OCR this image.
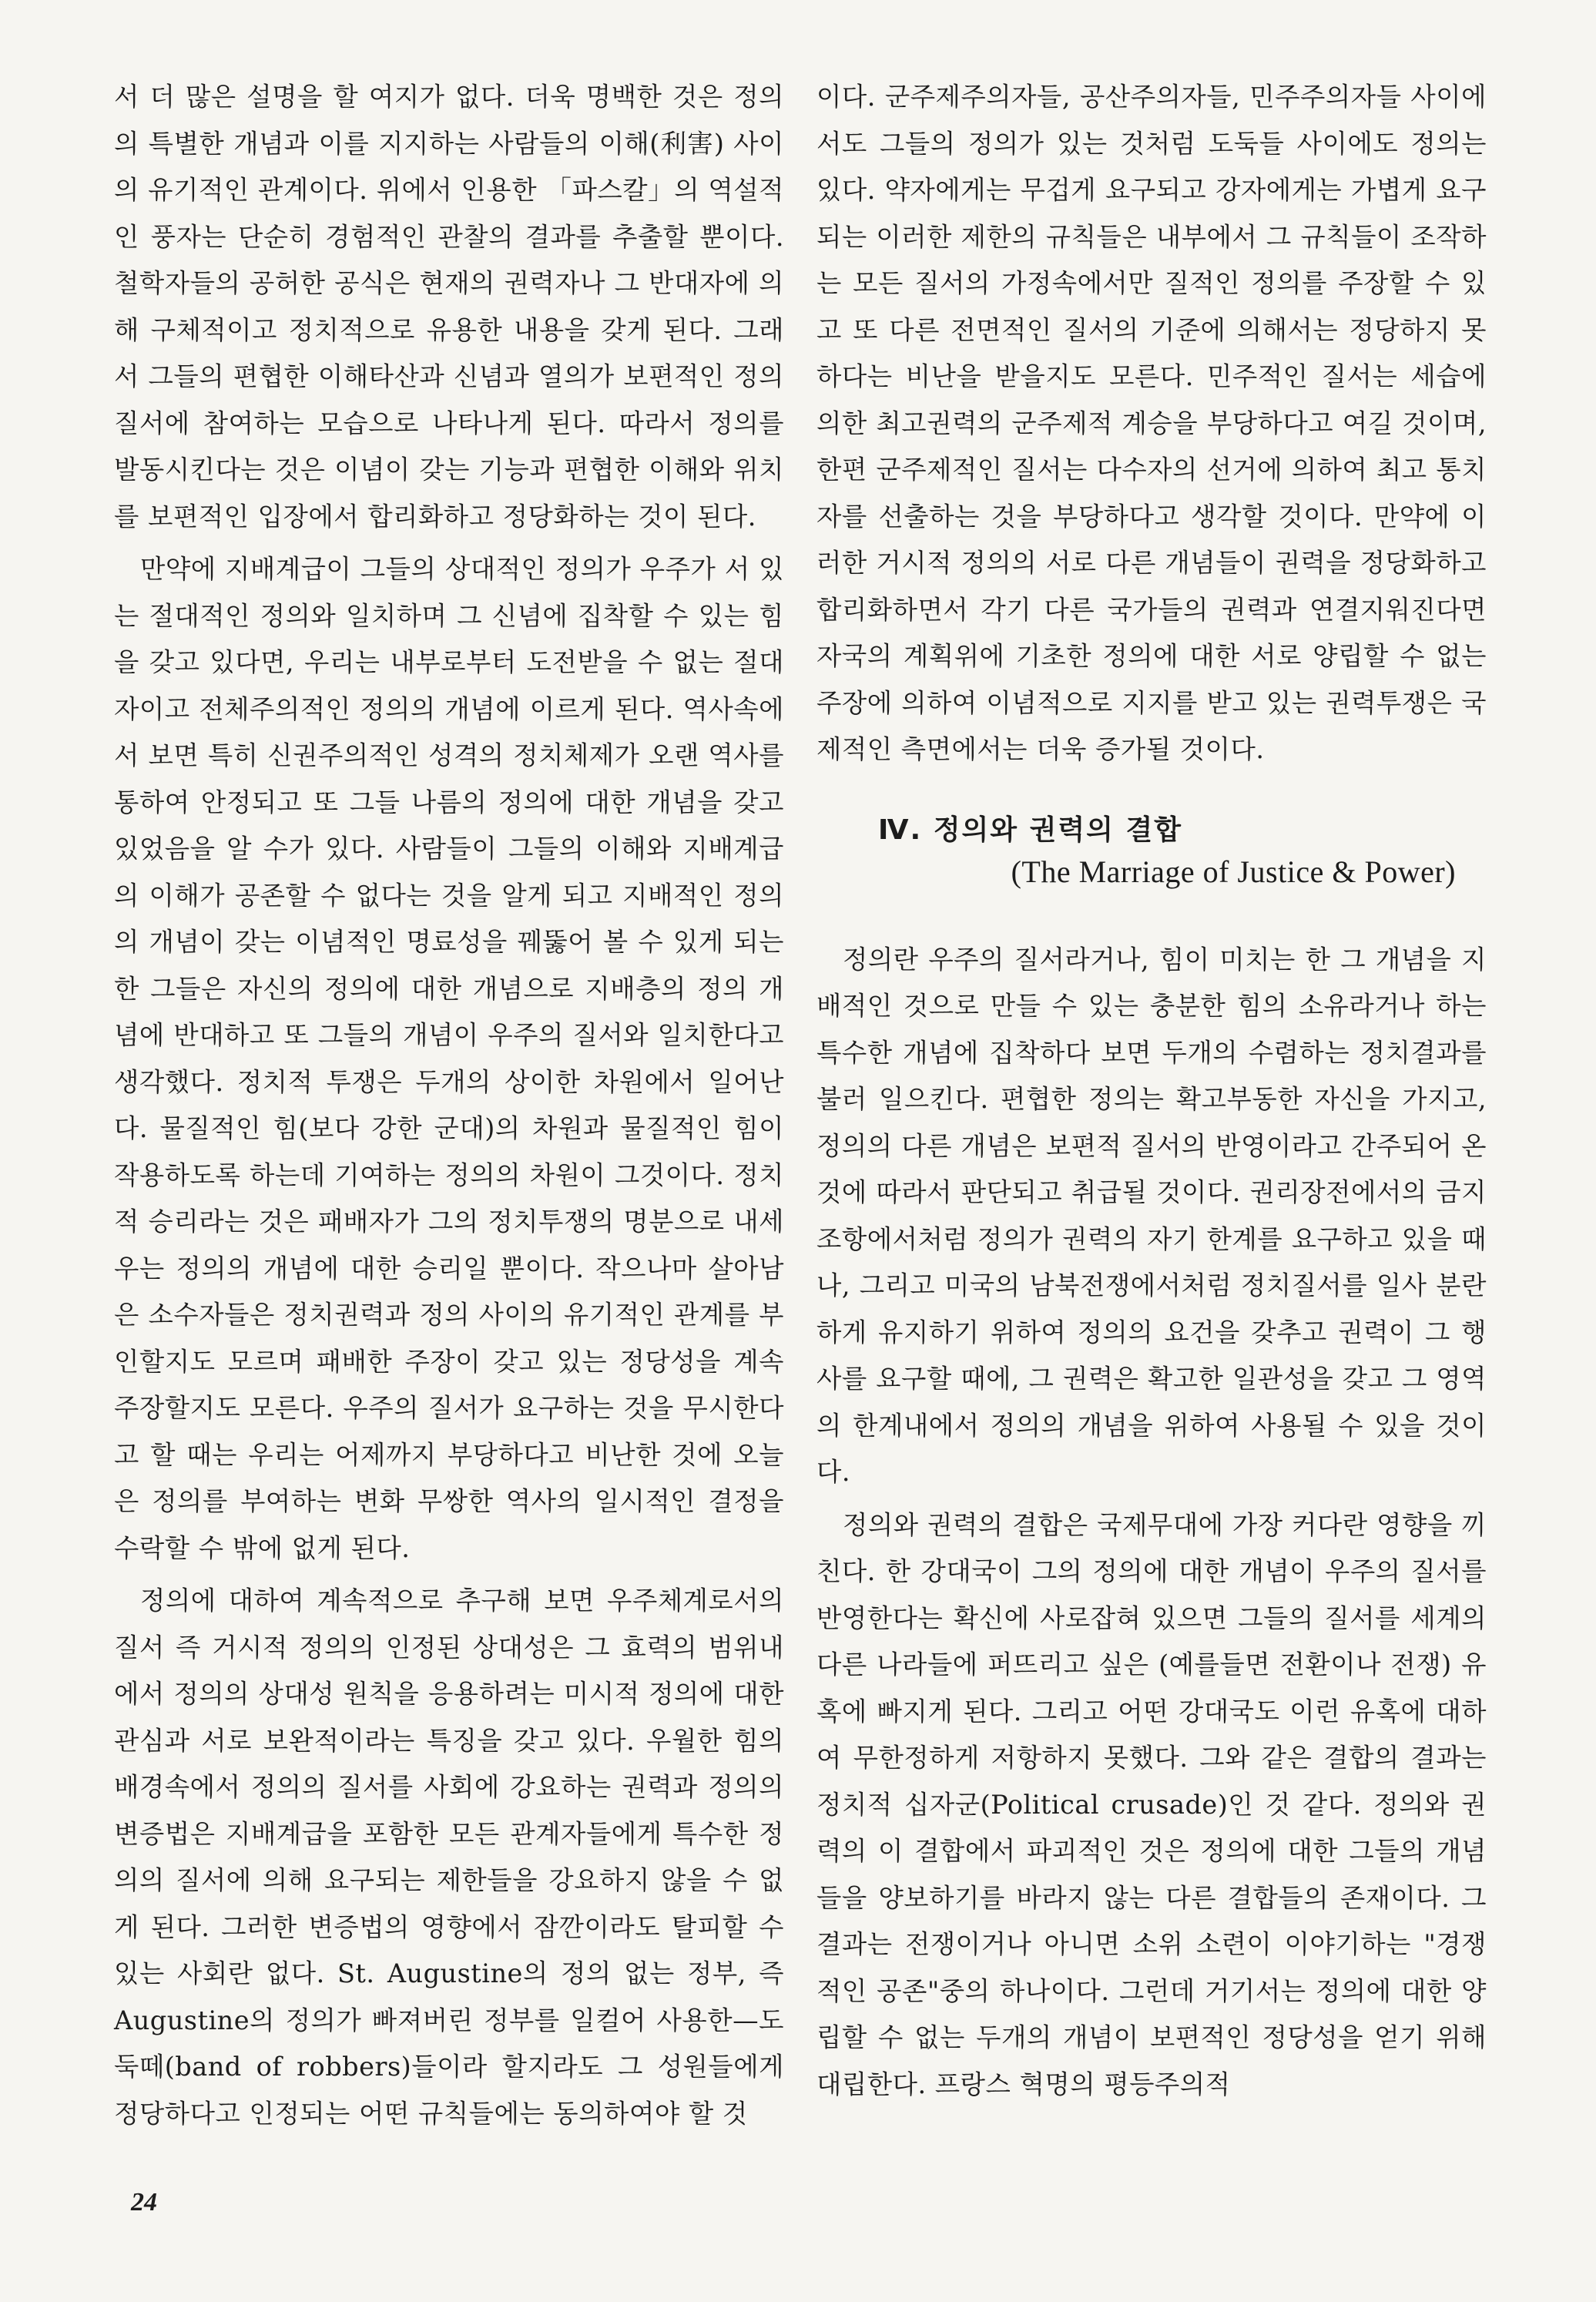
서 더 많은 설명을 할 여지가 없다. 더욱 명백한 것은 정의의 특별한 개념과 이를 지지하는 사람들의 이해(利害) 사이의 유기적인 관계이다. 위에서 인용한 「파스칼」의 역설적인 풍자는 단순히 경험적인 관찰의 결과를 추출할 뿐이다. 철학자들의 공허한 공식은 현재의 권력자나 그 반대자에 의해 구체적이고 정치적으로 유용한 내용을 갖게 된다. 그래서 그들의 편협한 이해타산과 신념과 열의가 보편적인 정의 질서에 참여하는 모습으로 나타나게 된다. 따라서 정의를 발동시킨다는 것은 이념이 갖는 기능과 편협한 이해와 위치를 보편적인 입장에서 합리화하고 정당화하는 것이 된다.

만약에 지배계급이 그들의 상대적인 정의가 우주가 서 있는 절대적인 정의와 일치하며 그 신념에 집착할 수 있는 힘을 갖고 있다면, 우리는 내부로부터 도전받을 수 없는 절대자이고 전체주의적인 정의의 개념에 이르게 된다. 역사속에서 보면 특히 신권주의적인 성격의 정치체제가 오랜 역사를 통하여 안정되고 또 그들 나름의 정의에 대한 개념을 갖고 있었음을 알 수가 있다. 사람들이 그들의 이해와 지배계급의 이해가 공존할 수 없다는 것을 알게 되고 지배적인 정의의 개념이 갖는 이념적인 명료성을 꿰뚫어 볼 수 있게 되는 한 그들은 자신의 정의에 대한 개념으로 지배층의 정의 개념에 반대하고 또 그들의 개념이 우주의 질서와 일치한다고 생각했다. 정치적 투쟁은 두개의 상이한 차원에서 일어난다. 물질적인 힘(보다 강한 군대)의 차원과 물질적인 힘이 작용하도록 하는데 기여하는 정의의 차원이 그것이다. 정치적 승리라는 것은 패배자가 그의 정치투쟁의 명분으로 내세우는 정의의 개념에 대한 승리일 뿐이다. 작으나마 살아남은 소수자들은 정치권력과 정의 사이의 유기적인 관계를 부인할지도 모르며 패배한 주장이 갖고 있는 정당성을 계속 주장할지도 모른다. 우주의 질서가 요구하는 것을 무시한다고 할 때는 우리는 어제까지 부당하다고 비난한 것에 오늘은 정의를 부여하는 변화 무쌍한 역사의 일시적인 결정을 수락할 수 밖에 없게 된다.

정의에 대하여 계속적으로 추구해 보면 우주체계로서의 질서 즉 거시적 정의의 인정된 상대성은 그 효력의 범위내에서 정의의 상대성 원칙을 응용하려는 미시적 정의에 대한 관심과 서로 보완적이라는 특징을 갖고 있다. 우월한 힘의 배경속에서 정의의 질서를 사회에 강요하는 권력과 정의의 변증법은 지배계급을 포함한 모든 관계자들에게 특수한 정의의 질서에 의해 요구되는 제한들을 강요하지 않을 수 없게 된다. 그러한 변증법의 영향에서 잠깐이라도 탈피할 수 있는 사회란 없다. St. Augustine의 정의 없는 정부, 즉Augustine의 정의가 빠져버린 정부를 일컬어 사용한—도둑떼(band of robbers)들이라 할지라도 그 성원들에게 정당하다고 인정되는 어떤 규칙들에는 동의하여야 할 것

이다. 군주제주의자들, 공산주의자들, 민주주의자들 사이에서도 그들의 정의가 있는 것처럼 도둑들 사이에도 정의는 있다. 약자에게는 무겁게 요구되고 강자에게는 가볍게 요구되는 이러한 제한의 규칙들은 내부에서 그 규칙들이 조작하는 모든 질서의 가정속에서만 질적인 정의를 주장할 수 있고 또 다른 전면적인 질서의 기준에 의해서는 정당하지 못하다는 비난을 받을지도 모른다. 민주적인 질서는 세습에 의한 최고권력의 군주제적 계승을 부당하다고 여길 것이며, 한편 군주제적인 질서는 다수자의 선거에 의하여 최고 통치자를 선출하는 것을 부당하다고 생각할 것이다. 만약에 이러한 거시적 정의의 서로 다른 개념들이 권력을 정당화하고 합리화하면서 각기 다른 국가들의 권력과 연결지워진다면 자국의 계획위에 기초한 정의에 대한 서로 양립할 수 없는 주장에 의하여 이념적으로 지지를 받고 있는 권력투쟁은 국제적인 측면에서는 더욱 증가될 것이다.

Ⅳ. 정의와 권력의 결합
(The Marriage of Justice & Power)

정의란 우주의 질서라거나, 힘이 미치는 한 그 개념을 지배적인 것으로 만들 수 있는 충분한 힘의 소유라거나 하는 특수한 개념에 집착하다 보면 두개의 수렴하는 정치결과를 불러 일으킨다. 편협한 정의는 확고부동한 자신을 가지고, 정의의 다른 개념은 보편적 질서의 반영이라고 간주되어 온 것에 따라서 판단되고 취급될 것이다. 권리장전에서의 금지조항에서처럼 정의가 권력의 자기 한계를 요구하고 있을 때나, 그리고 미국의 남북전쟁에서처럼 정치질서를 일사 분란하게 유지하기 위하여 정의의 요건을 갖추고 권력이 그 행사를 요구할 때에, 그 권력은 확고한 일관성을 갖고 그 영역의 한계내에서 정의의 개념을 위하여 사용될 수 있을 것이다.

정의와 권력의 결합은 국제무대에 가장 커다란 영향을 끼친다. 한 강대국이 그의 정의에 대한 개념이 우주의 질서를 반영한다는 확신에 사로잡혀 있으면 그들의 질서를 세계의 다른 나라들에 퍼뜨리고 싶은 (예를들면 전환이나 전쟁) 유혹에 빠지게 된다. 그리고 어떤 강대국도 이런 유혹에 대하여 무한정하게 저항하지 못했다. 그와 같은 결합의 결과는 정치적 십자군(Political crusade)인 것 같다. 정의와 권력의 이 결합에서 파괴적인 것은 정의에 대한 그들의 개념들을 양보하기를 바라지 않는 다른 결합들의 존재이다. 그 결과는 전쟁이거나 아니면 소위 소련이 이야기하는 "경쟁적인 공존"중의 하나이다. 그런데 거기서는 정의에 대한 양립할 수 없는 두개의 개념이 보편적인 정당성을 얻기 위해 대립한다. 프랑스 혁명의 평등주의적

24
